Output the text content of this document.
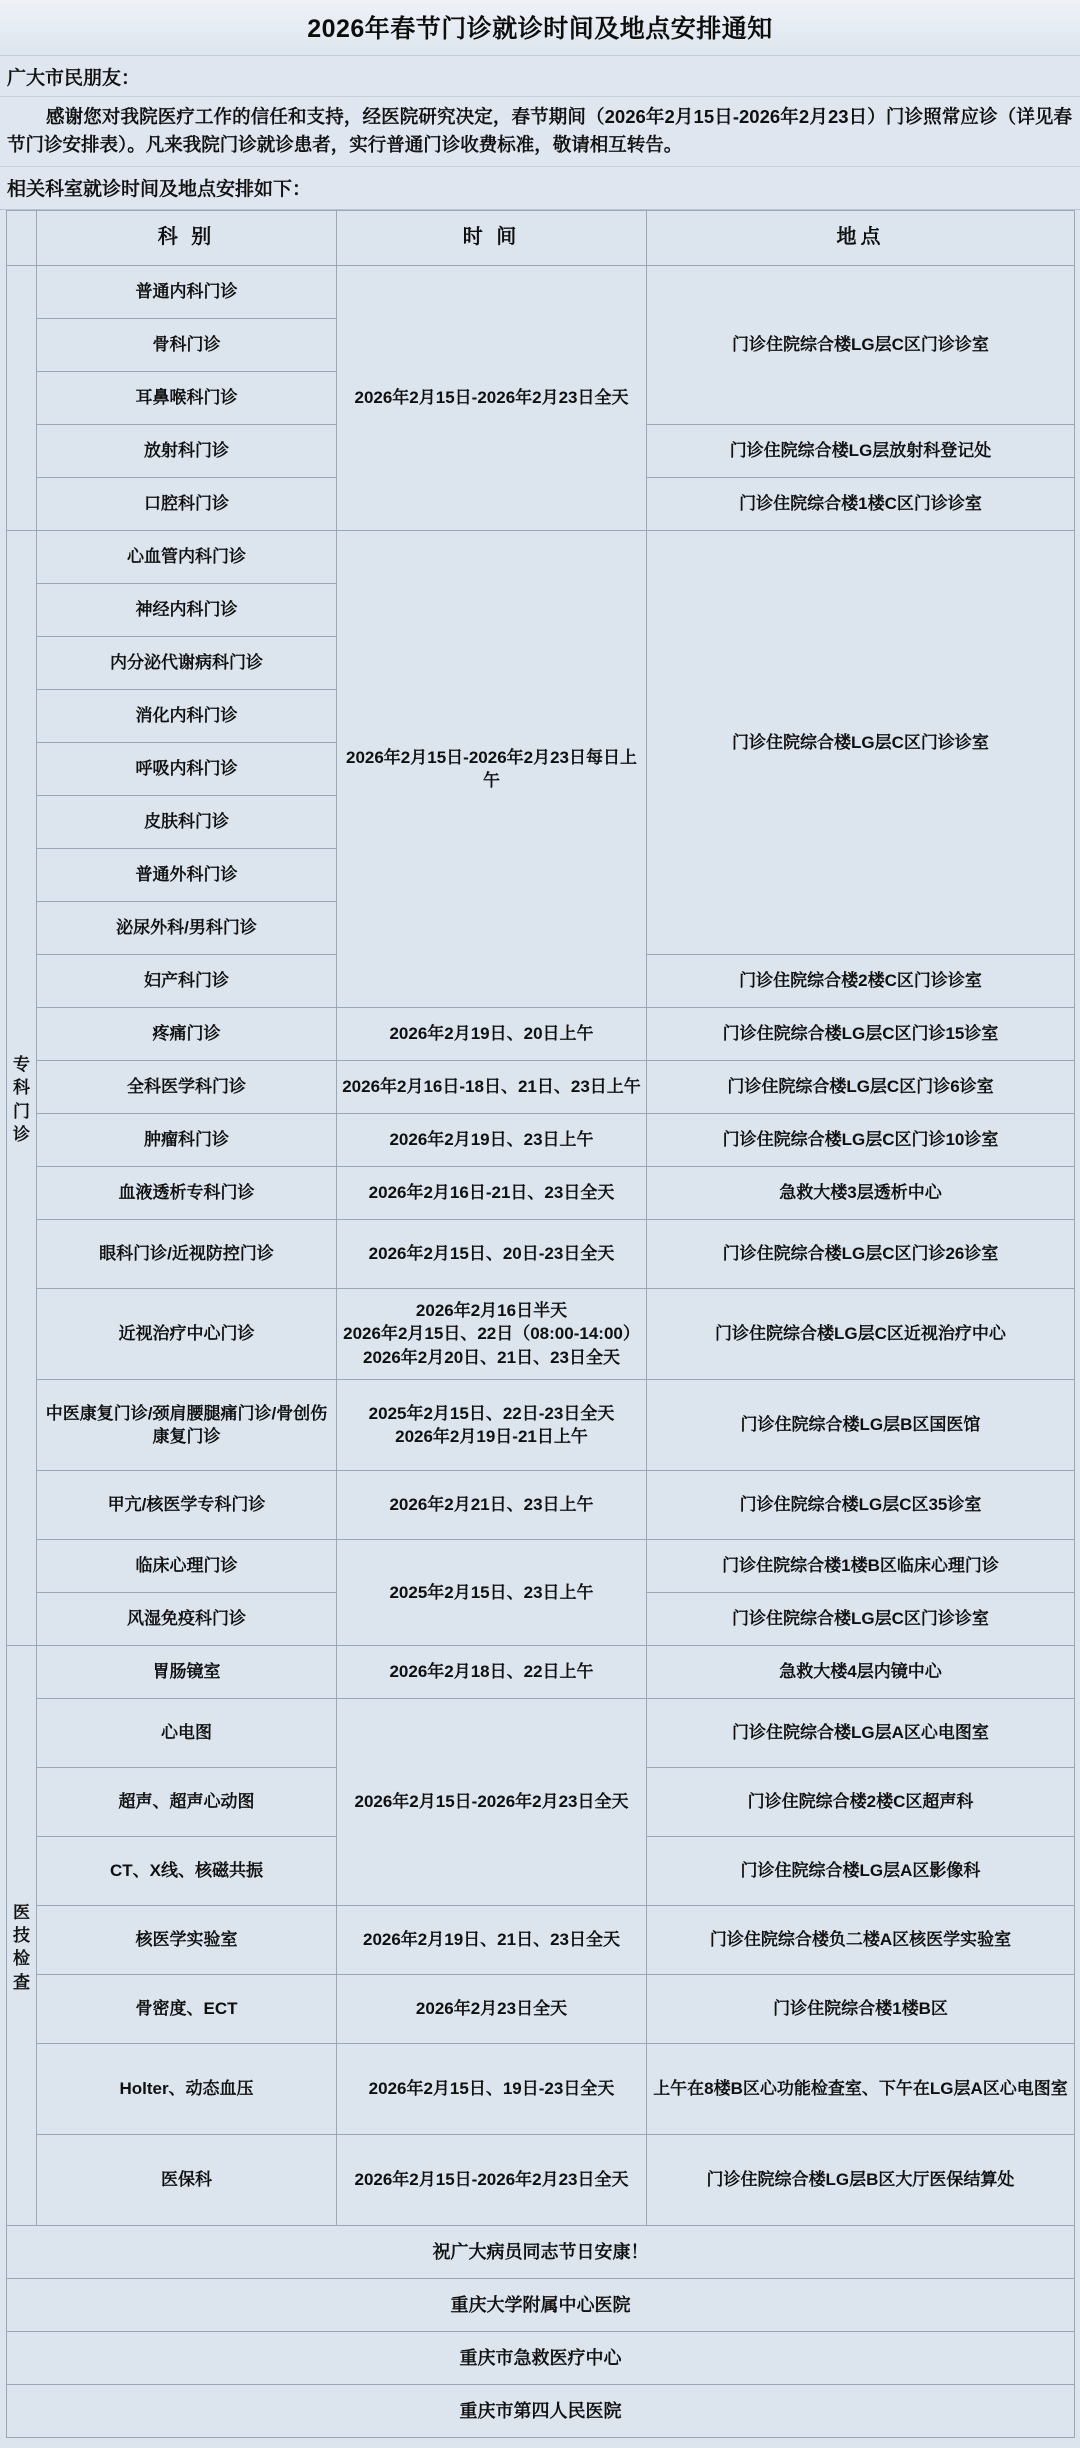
2026年春节门诊就诊时间及地点安排通知
广大市民朋友：
感谢您对我院医疗工作的信任和支持，经医院研究决定，春节期间（2026年2月15日-2026年2月23日）门诊照常应诊（详见春节门诊安排表）。凡来我院门诊就诊患者，实行普通门诊收费标准，敬请相互转告。
相关科室就诊时间及地点安排如下：
	科 别	时 间	地点
	普通内科门诊	2026年2月15日-2026年2月23日全天	门诊住院综合楼LG层C区门诊诊室
	骨科门诊		
	耳鼻喉科门诊		
	放射科门诊		门诊住院综合楼LG层放射科登记处
	口腔科门诊		门诊住院综合楼1楼C区门诊诊室

专科门诊	心血管内科门诊	2026年2月15日-2026年2月23日每日上午	门诊住院综合楼LG层C区门诊诊室
	神经内科门诊		
	内分泌代谢病科门诊		
	消化内科门诊		
	呼吸内科门诊		
	皮肤科门诊		
	普通外科门诊		
	泌尿外科/男科门诊		
	妇产科门诊		门诊住院综合楼2楼C区门诊诊室
	疼痛门诊	2026年2月19日、20日上午	门诊住院综合楼LG层C区门诊15诊室
	全科医学科门诊	2026年2月16日-18日、21日、23日上午	门诊住院综合楼LG层C区门诊6诊室
	肿瘤科门诊	2026年2月19日、23日上午	门诊住院综合楼LG层C区门诊10诊室
	血液透析专科门诊	2026年2月16日-21日、23日全天	急救大楼3层透析中心
	眼科门诊/近视防控门诊	2026年2月15日、20日-23日全天	门诊住院综合楼LG层C区门诊26诊室
	近视治疗中心门诊	2026年2月16日半天
2026年2月15日、22日（08:00-14:00）
2026年2月20日、21日、23日全天	门诊住院综合楼LG层C区近视治疗中心
	中医康复门诊/颈肩腰腿痛门诊/骨创伤康复门诊	2025年2月15日、22日-23日全天
2026年2月19日-21日上午	门诊住院综合楼LG层B区国医馆
	甲亢/核医学专科门诊	2026年2月21日、23日上午	门诊住院综合楼LG层C区35诊室
	临床心理门诊	2025年2月15日、23日上午	门诊住院综合楼1楼B区临床心理门诊
	风湿免疫科门诊		门诊住院综合楼LG层C区门诊诊室

医技检查	胃肠镜室	2026年2月18日、22日上午	急救大楼4层内镜中心
	心电图	2026年2月15日-2026年2月23日全天	门诊住院综合楼LG层A区心电图室
	超声、超声心动图		门诊住院综合楼2楼C区超声科
	CT、X线、核磁共振		门诊住院综合楼LG层A区影像科
	核医学实验室	2026年2月19日、21日、23日全天	门诊住院综合楼负二楼A区核医学实验室
	骨密度、ECT	2026年2月23日全天	门诊住院综合楼1楼B区
	Holter、动态血压	2026年2月15日、19日-23日全天	上午在8楼B区心功能检查室、下午在LG层A区心电图室
	医保科	2026年2月15日-2026年2月23日全天	门诊住院综合楼LG层B区大厅医保结算处
祝广大病员同志节日安康！			
重庆大学附属中心医院			
重庆市急救医疗中心			
重庆市第四人民医院			
